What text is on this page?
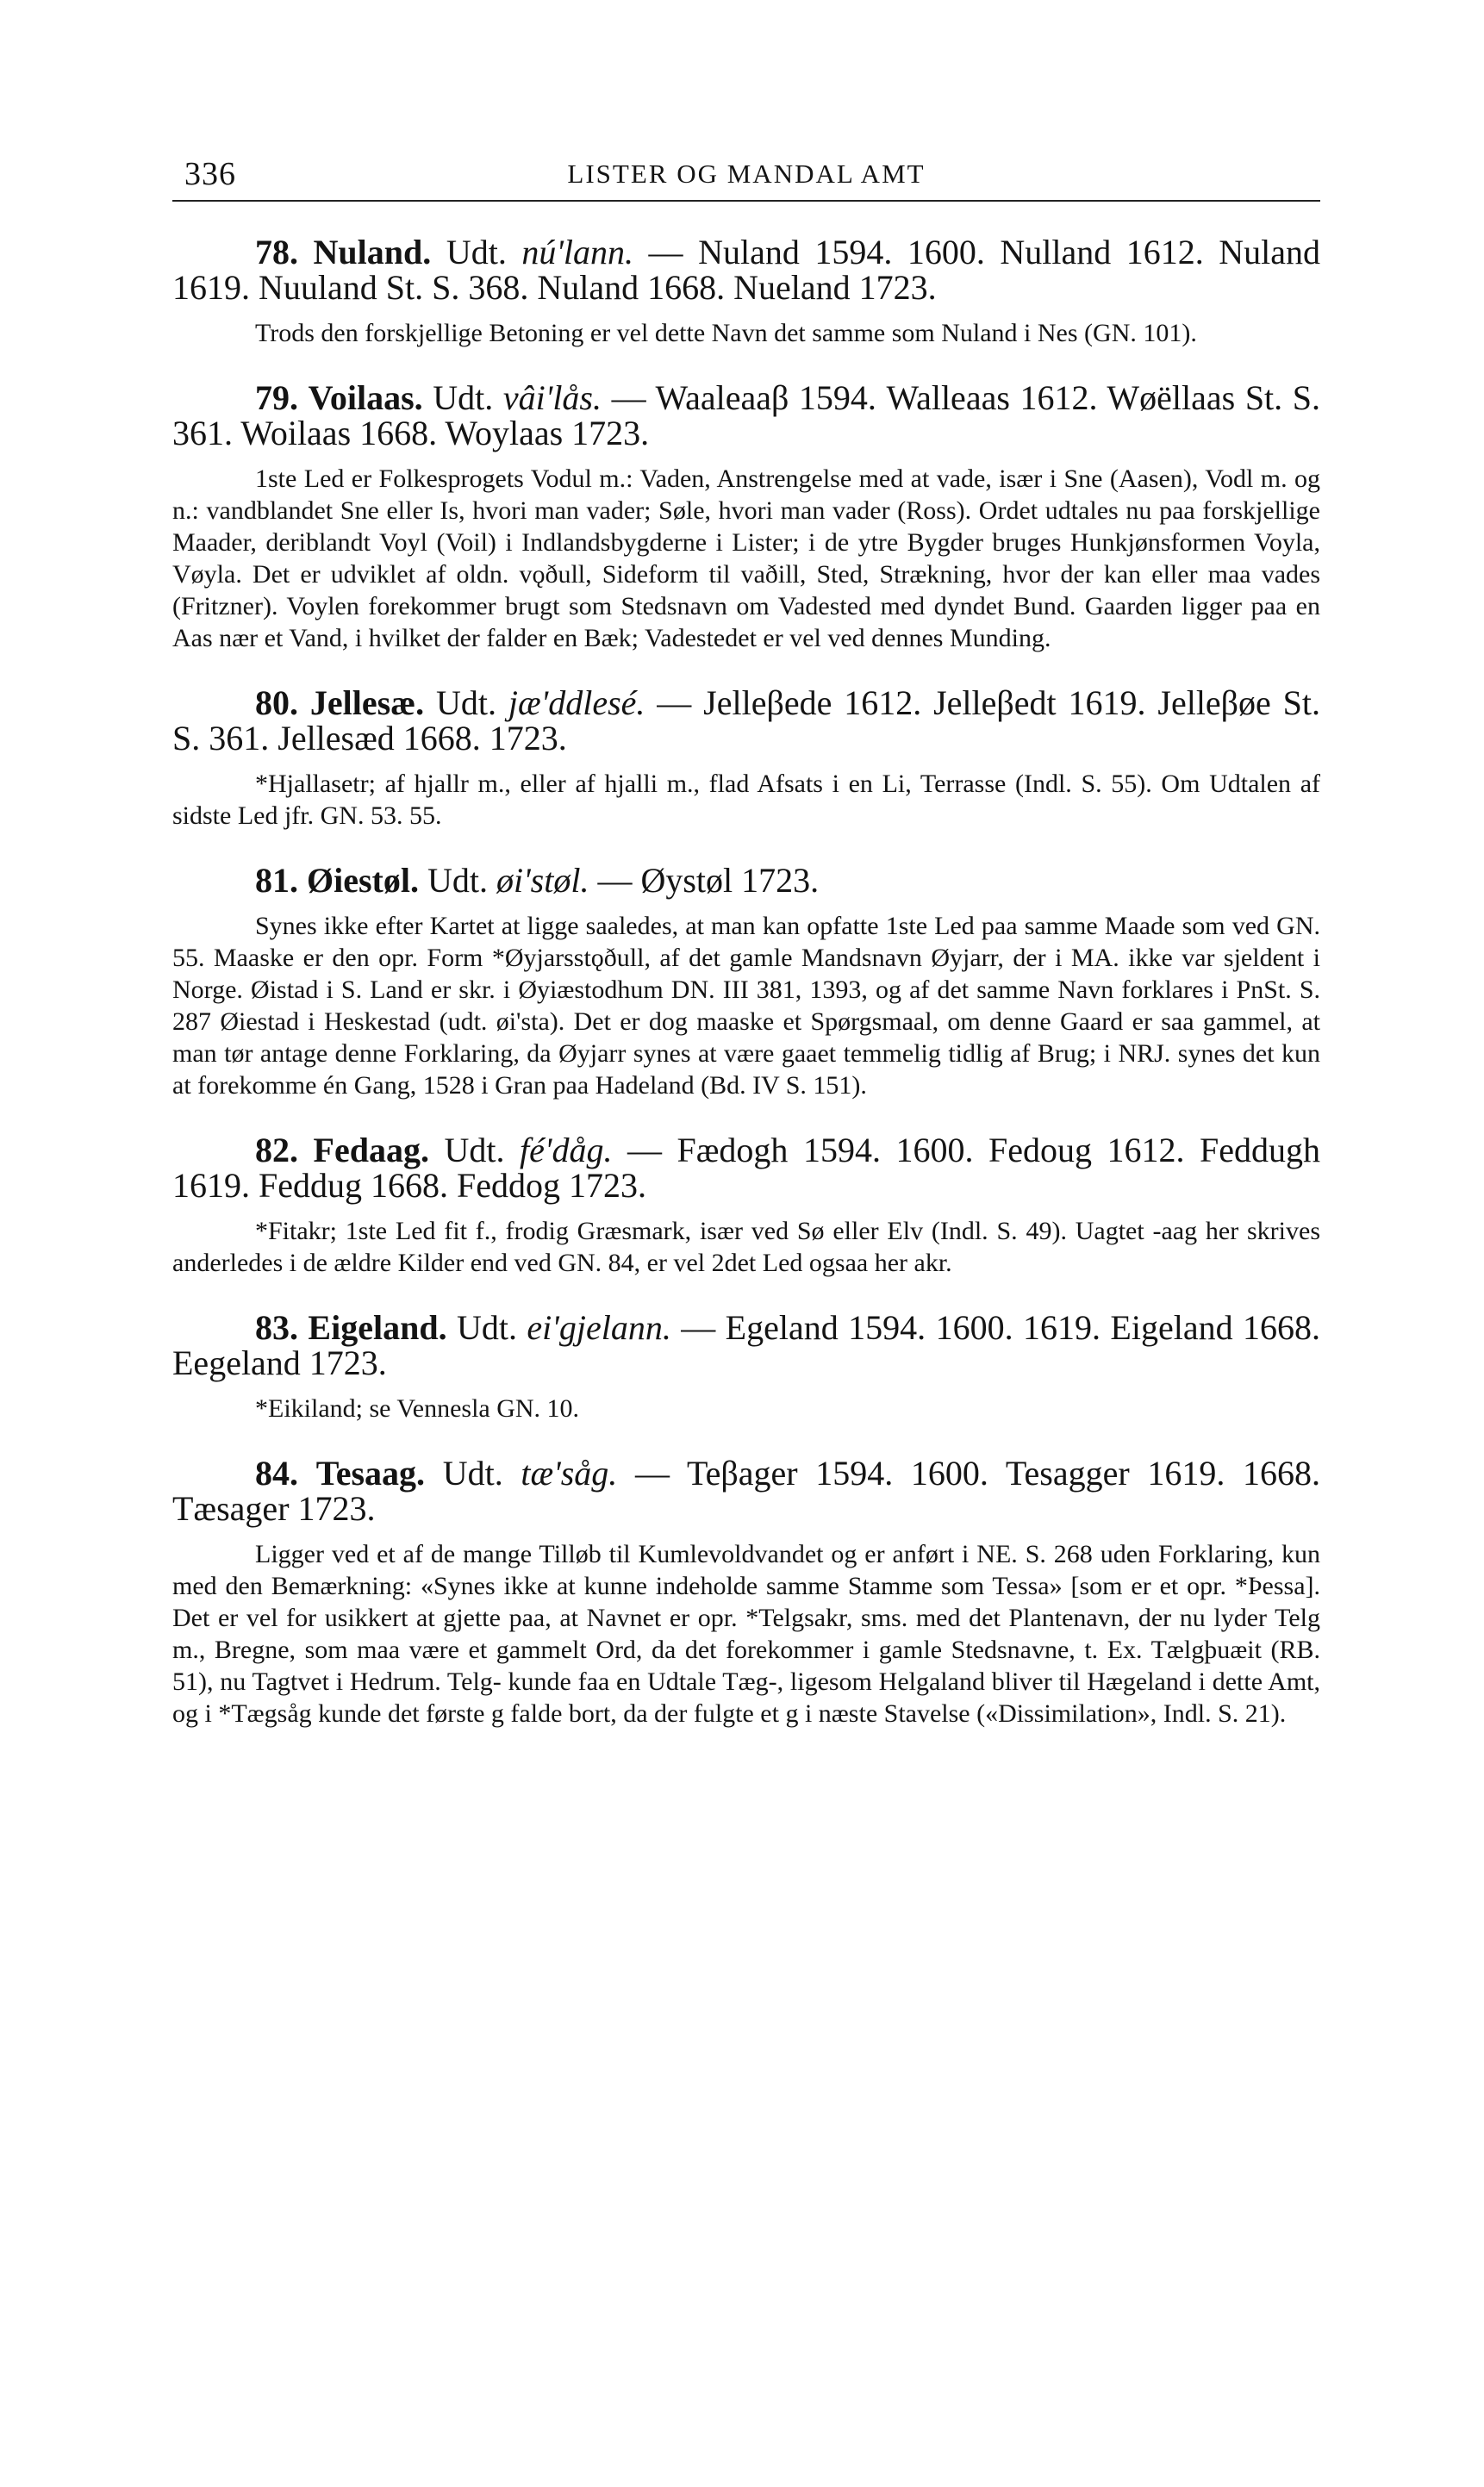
336	LISTER OG MANDAL AMT

78. Nuland. Udt. nú'lann. — Nuland 1594. 1600. Nulland 1612. Nuland 1619. Nuuland St. S. 368. Nuland 1668. Nueland 1723.

Trods den forskjellige Betoning er vel dette Navn det samme som Nuland i Nes (GN. 101).

79. Voilaas. Udt. vâi'lås. — Waaleaaβ 1594. Walleaas 1612. Wøëllaas St. S. 361. Woilaas 1668. Woylaas 1723.

1ste Led er Folkesprogets Vodul m.: Vaden, Anstrengelse med at vade, især i Sne (Aasen), Vodl m. og n.: vandblandet Sne eller Is, hvori man vader; Søle, hvori man vader (Ross). Ordet udtales nu paa forskjellige Maader, deriblandt Voyl (Voil) i Indlandsbygderne i Lister; i de ytre Bygder bruges Hunkjønsformen Voyla, Vøyla. Det er udviklet af oldn. vǫðull, Sideform til vaðill, Sted, Strækning, hvor der kan eller maa vades (Fritzner). Voylen forekommer brugt som Stedsnavn om Vadested med dyndet Bund. Gaarden ligger paa en Aas nær et Vand, i hvilket der falder en Bæk; Vadestedet er vel ved dennes Munding.

80. Jellesæ. Udt. jæ'ddlesé. — Jelleβede 1612. Jelleβedt 1619. Jelleβøe St. S. 361. Jellesæd 1668. 1723.

*Hjallasetr; af hjallr m., eller af hjalli m., flad Afsats i en Li, Terrasse (Indl. S. 55). Om Udtalen af sidste Led jfr. GN. 53. 55.

81. Øiestøl. Udt. øi'støl. — Øystøl 1723.

Synes ikke efter Kartet at ligge saaledes, at man kan opfatte 1ste Led paa samme Maade som ved GN. 55. Maaske er den opr. Form *Øyjarsstǫðull, af det gamle Mandsnavn Øyjarr, der i MA. ikke var sjeldent i Norge. Øistad i S. Land er skr. i Øyiæstodhum DN. III 381, 1393, og af det samme Navn forklares i PnSt. S. 287 Øiestad i Heskestad (udt. øi'sta). Det er dog maaske et Spørgsmaal, om denne Gaard er saa gammel, at man tør antage denne Forklaring, da Øyjarr synes at være gaaet temmelig tidlig af Brug; i NRJ. synes det kun at forekomme én Gang, 1528 i Gran paa Hadeland (Bd. IV S. 151).

82. Fedaag. Udt. fé'dåg. — Fædogh 1594. 1600. Fedoug 1612. Feddugh 1619. Feddug 1668. Feddog 1723.

*Fitakr; 1ste Led fit f., frodig Græsmark, især ved Sø eller Elv (Indl. S. 49). Uagtet -aag her skrives anderledes i de ældre Kilder end ved GN. 84, er vel 2det Led ogsaa her akr.

83. Eigeland. Udt. ei'gjelann. — Egeland 1594. 1600. 1619. Eigeland 1668. Eegeland 1723.

*Eikiland; se Vennesla GN. 10.

84. Tesaag. Udt. tæ'såg. — Teβager 1594. 1600. Tesagger 1619. 1668. Tæsager 1723.

Ligger ved et af de mange Tilløb til Kumlevoldvandet og er anført i NE. S. 268 uden Forklaring, kun med den Bemærkning: «Synes ikke at kunne indeholde samme Stamme som Tessa» [som er et opr. *Þessa]. Det er vel for usikkert at gjette paa, at Navnet er opr. *Telgsakr, sms. med det Plantenavn, der nu lyder Telg m., Bregne, som maa være et gammelt Ord, da det forekommer i gamle Stedsnavne, t. Ex. Tælgþuæit (RB. 51), nu Tagtvet i Hedrum. Telg- kunde faa en Udtale Tæg-, ligesom Helgaland bliver til Hægeland i dette Amt, og i *Tægsåg kunde det første g falde bort, da der fulgte et g i næste Stavelse («Dissimilation», Indl. S. 21).
